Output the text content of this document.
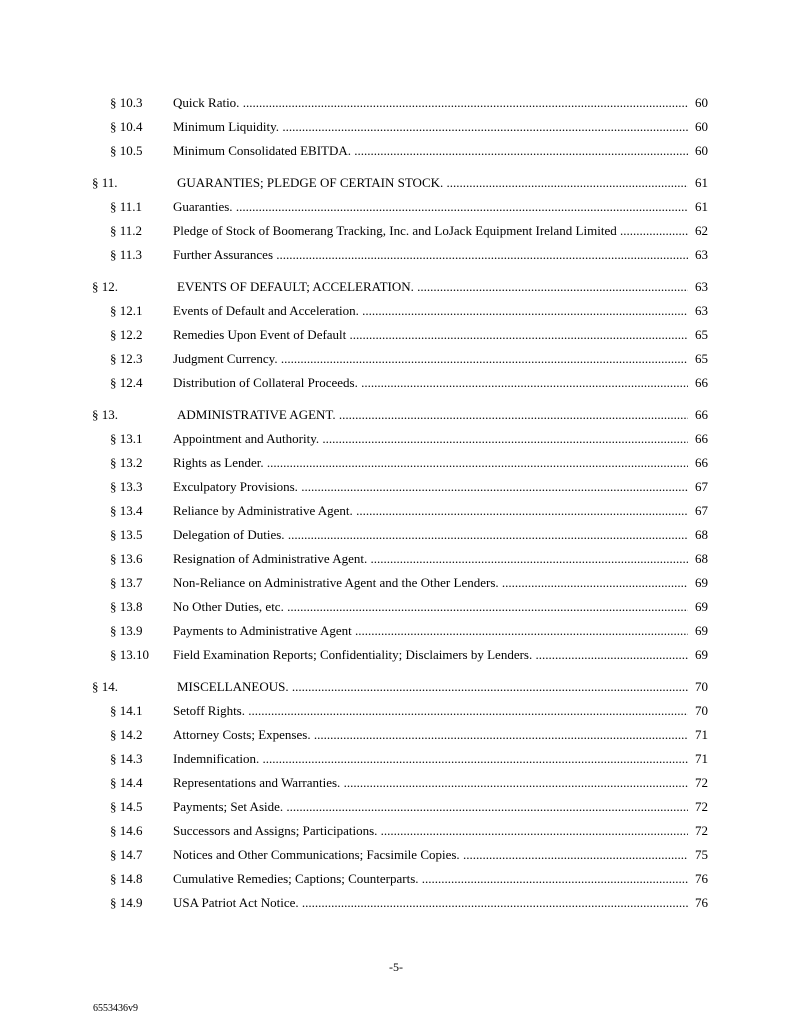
§ 10.3 Quick Ratio. .....	60
§ 10.4 Minimum Liquidity. .....	60
§ 10.5 Minimum Consolidated EBITDA. .....	60
§ 11.	GUARANTIES; PLEDGE OF CERTAIN STOCK. .....	61
§ 11.1 Guaranties. .....	61
§ 11.2 Pledge of Stock of Boomerang Tracking, Inc. and LoJack Equipment Ireland Limited .....	62
§ 11.3 Further Assurances .....	63
§ 12.	EVENTS OF DEFAULT; ACCELERATION. .....	63
§ 12.1 Events of Default and Acceleration. .....	63
§ 12.2 Remedies Upon Event of Default .....	65
§ 12.3 Judgment Currency. .....	65
§ 12.4 Distribution of Collateral Proceeds. .....	66
§ 13.	ADMINISTRATIVE AGENT. .....	66
§ 13.1 Appointment and Authority. .....	66
§ 13.2 Rights as Lender. .....	66
§ 13.3 Exculpatory Provisions. .....	67
§ 13.4 Reliance by Administrative Agent. .....	67
§ 13.5 Delegation of Duties. .....	68
§ 13.6 Resignation of Administrative Agent. .....	68
§ 13.7 Non-Reliance on Administrative Agent and the Other Lenders. .....	69
§ 13.8 No Other Duties, etc. .....	69
§ 13.9 Payments to Administrative Agent .....	69
§ 13.10 Field Examination Reports; Confidentiality; Disclaimers by Lenders. .....	69
§ 14.	MISCELLANEOUS. .....	70
§ 14.1 Setoff Rights. .....	70
§ 14.2 Attorney Costs; Expenses. .....	71
§ 14.3 Indemnification. .....	71
§ 14.4 Representations and Warranties. .....	72
§ 14.5 Payments; Set Aside. .....	72
§ 14.6 Successors and Assigns; Participations. .....	72
§ 14.7 Notices and Other Communications; Facsimile Copies. .....	75
§ 14.8 Cumulative Remedies; Captions; Counterparts. .....	76
§ 14.9 USA Patriot Act Notice. .....	76
-5-
6553436v9
